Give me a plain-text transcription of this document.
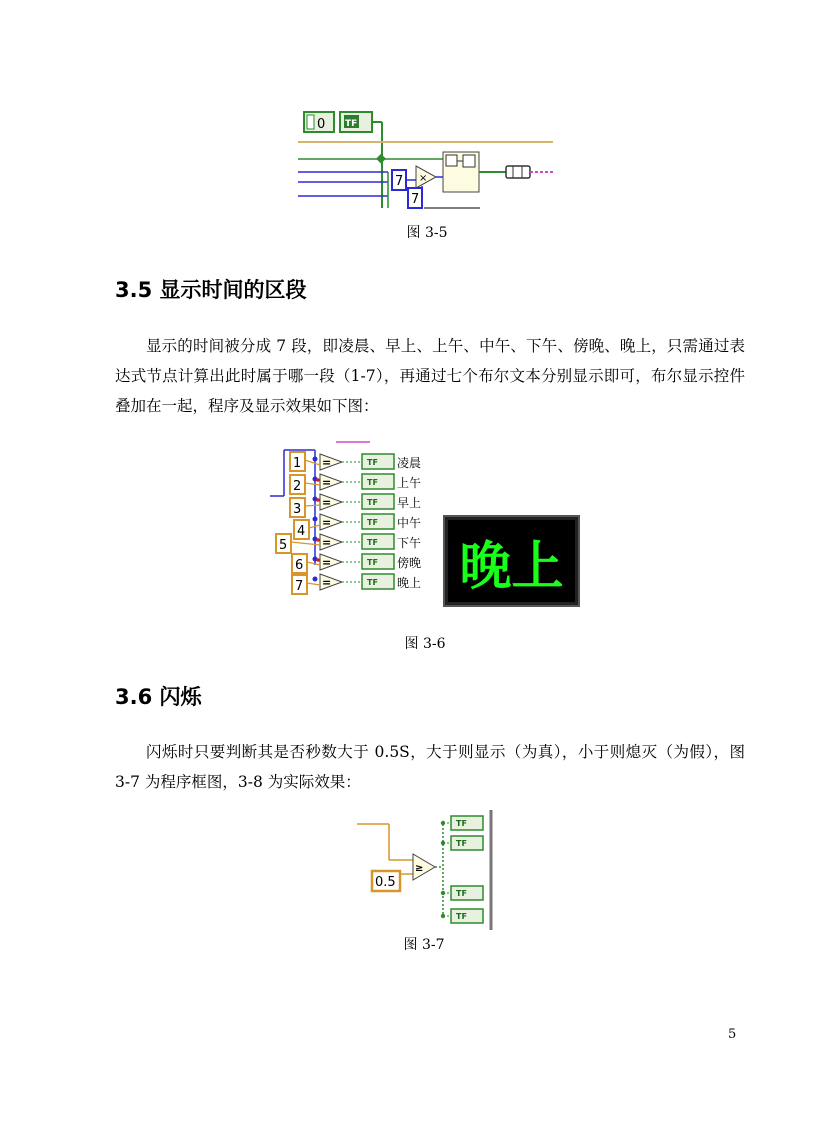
0 TF
7 ×
7
图 3-5
3.5 显示时间的区段

显示的时间被分成 7 段，即凌晨、早上、上午、中午、下午、傍晚、晚上，只需通过表达式节点计算出此时属于哪一段（1-7），再通过七个布尔文本分别显示即可，布尔显示控件叠加在一起，程序及显示效果如下图：

=	TF 凌晨
1
=	TF 上午
2
=	TF 早上
3
=	TF 中午
4
=	TF 下午
5
=	TF 傍晚
6
=	TF 晚上
7	晚上
图 3-6
3.6 闪烁

闪烁时只要判断其是否秒数大于 0.5S，大于则显示（为真），小于则熄灭（为假），图 3-7 为程序框图，3-8 为实际效果：

0.5
≥
TF
TF
TF
TF
图 3-7
5
